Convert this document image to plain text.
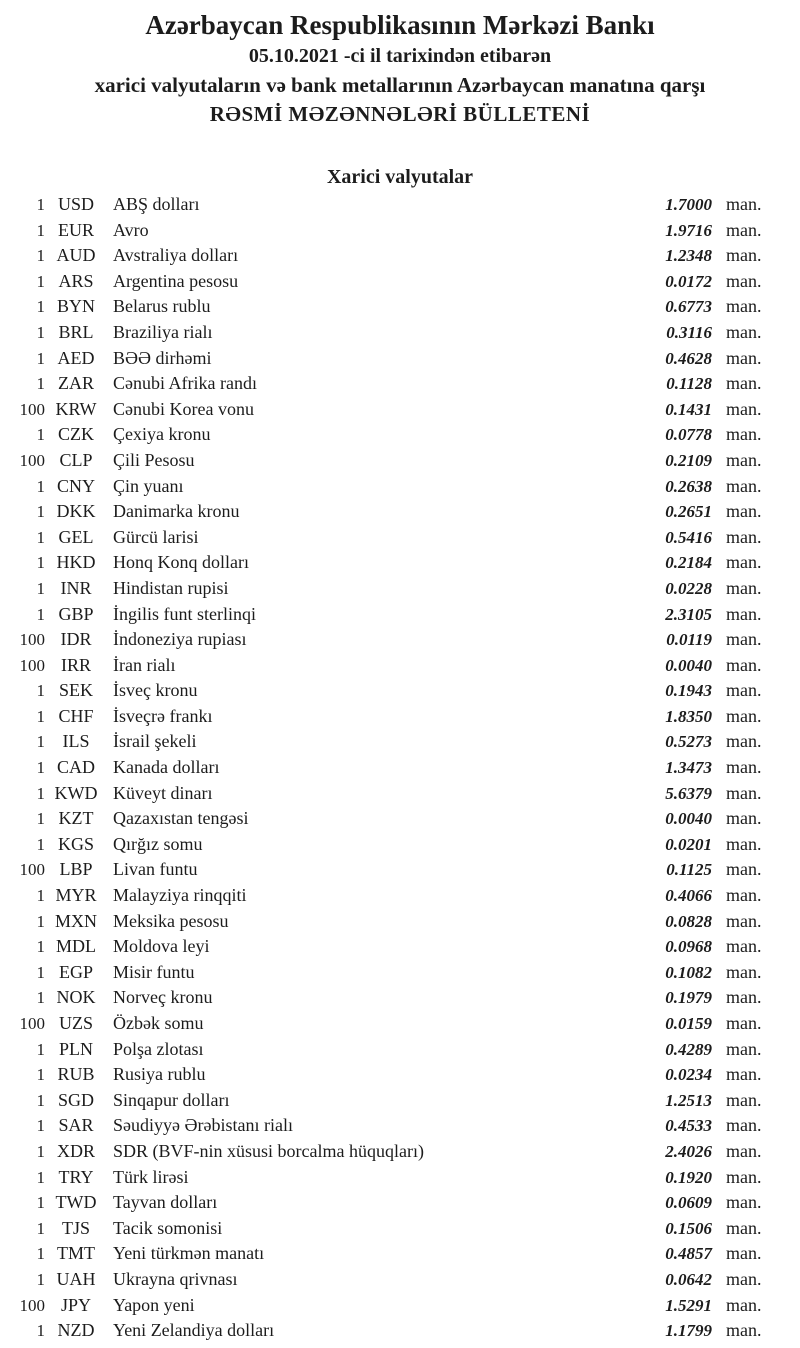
Azərbaycan Respublikasının Mərkəzi Bankı
05.10.2021 -ci il tarixindən etibarən
xarici valyutaların və bank metallarının Azərbaycan manatına qarşı
RƏSMİ MƏZƏNNƏLƏRİ BÜLLETENİ
Xarici valyutalar
1 USD	ABŞ dolları	1.7000 man.
1 EUR	Avro	1.9716 man.
1 AUD Avstraliya dolları	1.2348 man.
1 ARS	Argentina pesosu	0.0172 man.
1 BYN	Belarus rublu	0.6773 man.
1 BRL	Braziliya rialı	0.3116 man.
1 AED	BƏƏ dirhəmi	0.4628 man.
1 ZAR	Cənubi Afrika randı	0.1128 man.
100 KRW Cənubi Korea vonu	0.1431 man.
1 CZK	Çexiya kronu	0.0778 man.
100 CLP	Çili Pesosu	0.2109 man.
1 CNY	Çin yuanı	0.2638 man.
1 DKK Danimarka kronu	0.2651 man.
1 GEL	Gürcü larisi	0.5416 man.
1 HKD Honq Konq dolları	0.2184 man.
1 INR	Hindistan rupisi	0.0228 man.
1 GBP	İngilis funt sterlinqi	2.3105 man.
100 IDR	İndoneziya rupiası	0.0119 man.
100 IRR	İran rialı	0.0040 man.
1 SEK	İsveç kronu	0.1943 man.
1 CHF	İsveçrə frankı	1.8350 man.
1 ILS	İsrail şekeli	0.5273 man.
1 CAD	Kanada dolları	1.3473 man.
1 KWD Küveyt dinarı	5.6379 man.
1 KZT	Qazaxıstan tengəsi	0.0040 man.
1 KGS	Qırğız somu	0.0201 man.
100 LBP	Livan funtu	0.1125 man.
1 MYR Malayziya rinqqiti	0.4066 man.
1 MXN Meksika pesosu	0.0828 man.
1 MDL Moldova leyi	0.0968 man.
1 EGP	Misir funtu	0.1082 man.
1 NOK Norveç kronu	0.1979 man.
100 UZS	Özbək somu	0.0159 man.
1 PLN	Polşa zlotası	0.4289 man.
1 RUB	Rusiya rublu	0.0234 man.
1 SGD	Sinqapur dolları	1.2513 man.
1 SAR	Səudiyyə Ərəbistanı rialı	0.4533 man.
1 XDR	SDR (BVF-nin xüsusi borcalma hüquqları)	2.4026 man.
1 TRY	Türk lirəsi	0.1920 man.
1 TWD Tayvan dolları	0.0609 man.
1 TJS	Tacik somonisi	0.1506 man.
1 TMT	Yeni türkmən manatı	0.4857 man.
1 UAH Ukrayna qrivnası	0.0642 man.
100 JPY	Yapon yeni	1.5291 man.
1 NZD	Yeni Zelandiya dolları	1.1799 man.
